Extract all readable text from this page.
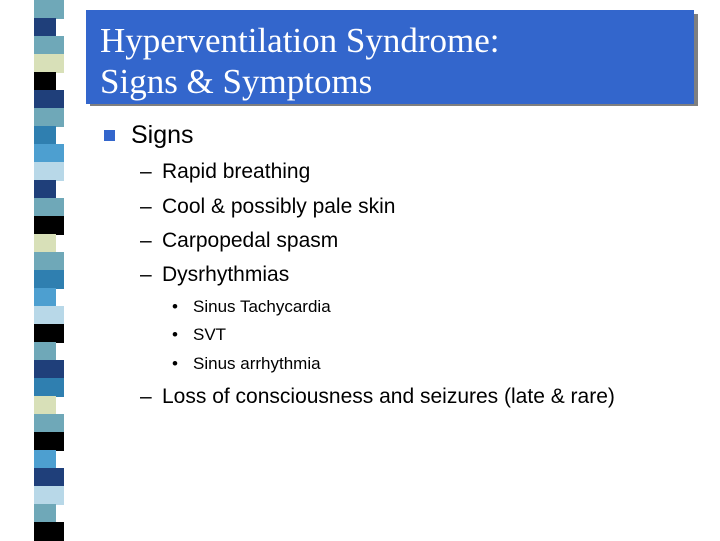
Hyperventilation Syndrome:
Signs & Symptoms
Signs
– Rapid breathing
– Cool & possibly pale skin
– Carpopedal spasm
– Dysrhythmias
• Sinus Tachycardia
• SVT
• Sinus arrhythmia
– Loss of consciousness and seizures (late & rare)
